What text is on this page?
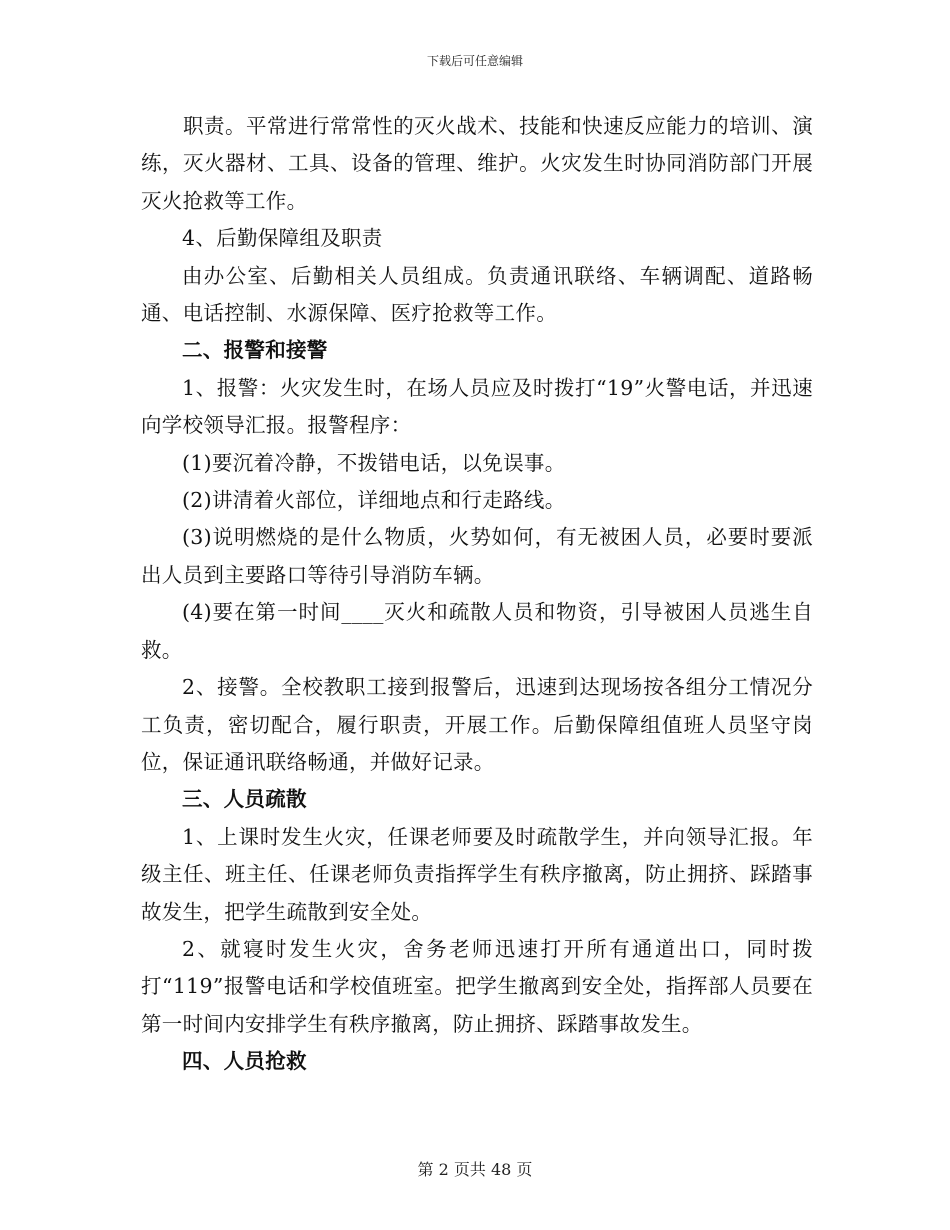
下载后可任意编辑

　　职责。平常进行常常性的灭火战术、技能和快速反应能力的培训、演练，灭火器材、工具、设备的管理、维护。火灾发生时协同消防部门开展灭火抢救等工作。

4、后勤保障组及职责

由办公室、后勤相关人员组成。负责通讯联络、车辆调配、道路畅通、电话控制、水源保障、医疗抢救等工作。

二、报警和接警

1、报警：火灾发生时，在场人员应及时拨打“19”火警电话，并迅速向学校领导汇报。报警程序：

(1)要沉着冷静，不拨错电话，以免误事。

(2)讲清着火部位，详细地点和行走路线。

(3)说明燃烧的是什么物质，火势如何，有无被困人员，必要时要派出人员到主要路口等待引导消防车辆。

(4)要在第一时间____灭火和疏散人员和物资，引导被困人员逃生自救。

2、接警。全校教职工接到报警后，迅速到达现场按各组分工情况分工负责，密切配合，履行职责，开展工作。后勤保障组值班人员坚守岗位，保证通讯联络畅通，并做好记录。

三、人员疏散

1、上课时发生火灾，任课老师要及时疏散学生，并向领导汇报。年级主任、班主任、任课老师负责指挥学生有秩序撤离，防止拥挤、踩踏事故发生，把学生疏散到安全处。

2、就寝时发生火灾，舍务老师迅速打开所有通道出口，同时拨打“119”报警电话和学校值班室。把学生撤离到安全处，指挥部人员要在第一时间内安排学生有秩序撤离，防止拥挤、踩踏事故发生。

四、人员抢救

第 2 页共 48 页
